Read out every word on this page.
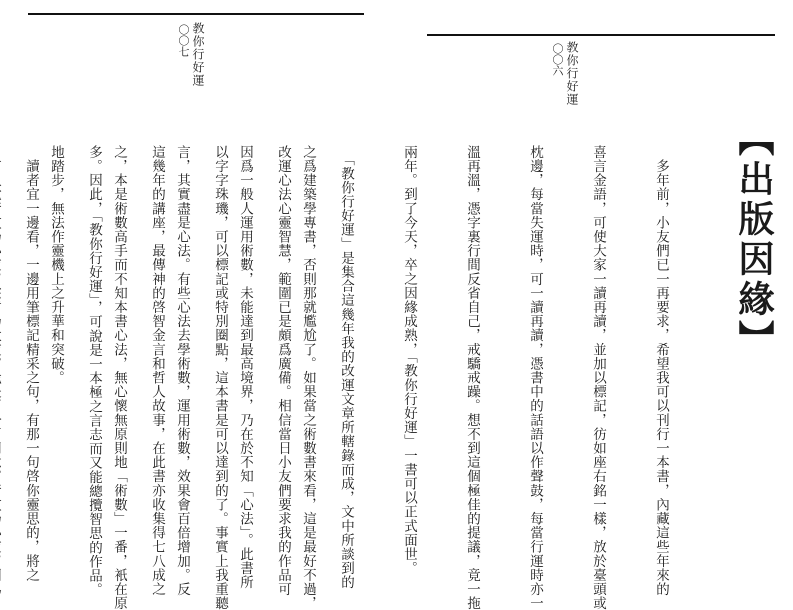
〇〇七 教你行好運

之爲建築學專書，否則那就尷尬了。如果當之術數書來看，這是最好不過，

因爲一般人運用術數，未能達到最高境界，乃在於不知「心法」。此書所

言，其實盡是心法。有些心法去學術數，運用術數，效果會百倍增加。反

之，本是術數高手而不知本書心法，無心懷無原則地「術數」一番，衹在原

地踏步，無法作靈機上之升華和突破。

〇〇六 教你行好運
【出版因緣】

　多年前，小友們已一再要求，希望我可以刊行一本書，內藏這些年來的

喜言金語，可使大家一讀再讀，並加以標記，彷如座右銘一樣，放於臺頭或

枕邊，每當失運時，可一讀再讀，憑書中的話語以作聲鼓，每當行運時亦一

溫再溫，憑字裏行間反省自己，戒驕戒躁。想不到這個極佳的提議，竟一拖

兩年。到了今天，卒之因緣成熟，「教你行好運」一書可以正式面世。

　「教你行好運」是集合這幾年我的改運文章所轄錄而成，文中所談到的

改運心法心靈智慧，範圍已是頗爲廣備。相信當日小友們要求我的作品可

以字字珠璣，可以標記或特別圈點，這本書是可以達到的了。事實上我重聽

這幾年的講座，最傳神的啓智金言和哲人故事，在此書亦收集得七八成之

多。因此，「教你行好運」，可說是一本極之言志而又能總攬智思的作品。

　讀者宜一邊看，一邊用筆標記精采之句，有那一句啓你靈思的，將之
